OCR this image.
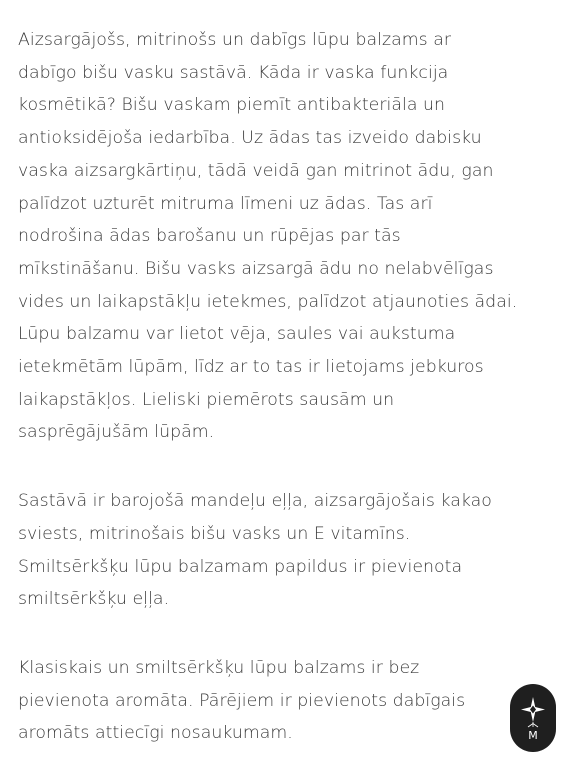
Aizsargājošs, mitrinošs un dabīgs lūpu balzams ar
dabīgo bišu vasku sastāvā. Kāda ir vaska funkcija
kosmētikā? Bišu vaskam piemīt antibakteriāla un
antioksidējoša iedarbība. Uz ādas tas izveido dabisku
vaska aizsargkārtiņu, tādā veidā gan mitrinot ādu, gan
palīdzot uzturēt mitruma līmeni uz ādas. Tas arī
nodrošina ādas barošanu un rūpējas par tās
mīkstināšanu. Bišu vasks aizsargā ādu no nelabvēlīgas
vides un laikapstākļu ietekmes, palīdzot atjaunoties ādai.
Lūpu balzamu var lietot vēja, saules vai aukstuma
ietekmētām lūpām, līdz ar to tas ir lietojams jebkuros
laikapstākļos. Lieliski piemērots sausām un
sasprēgājušām lūpām.

Sastāvā ir barojošā mandeļu eļļa, aizsargājošais kakao
sviests, mitrinošais bišu vasks un E vitamīns.
Smiltsērkšķu lūpu balzamam papildus ir pievienota
smiltsērkšķu eļļa.

Klasiskais un smiltsērkšķu lūpu balzams ir bez
pievienota aromāta. Pārējiem ir pievienots dabīgais
aromāts attiecīgi nosaukumam.	M
